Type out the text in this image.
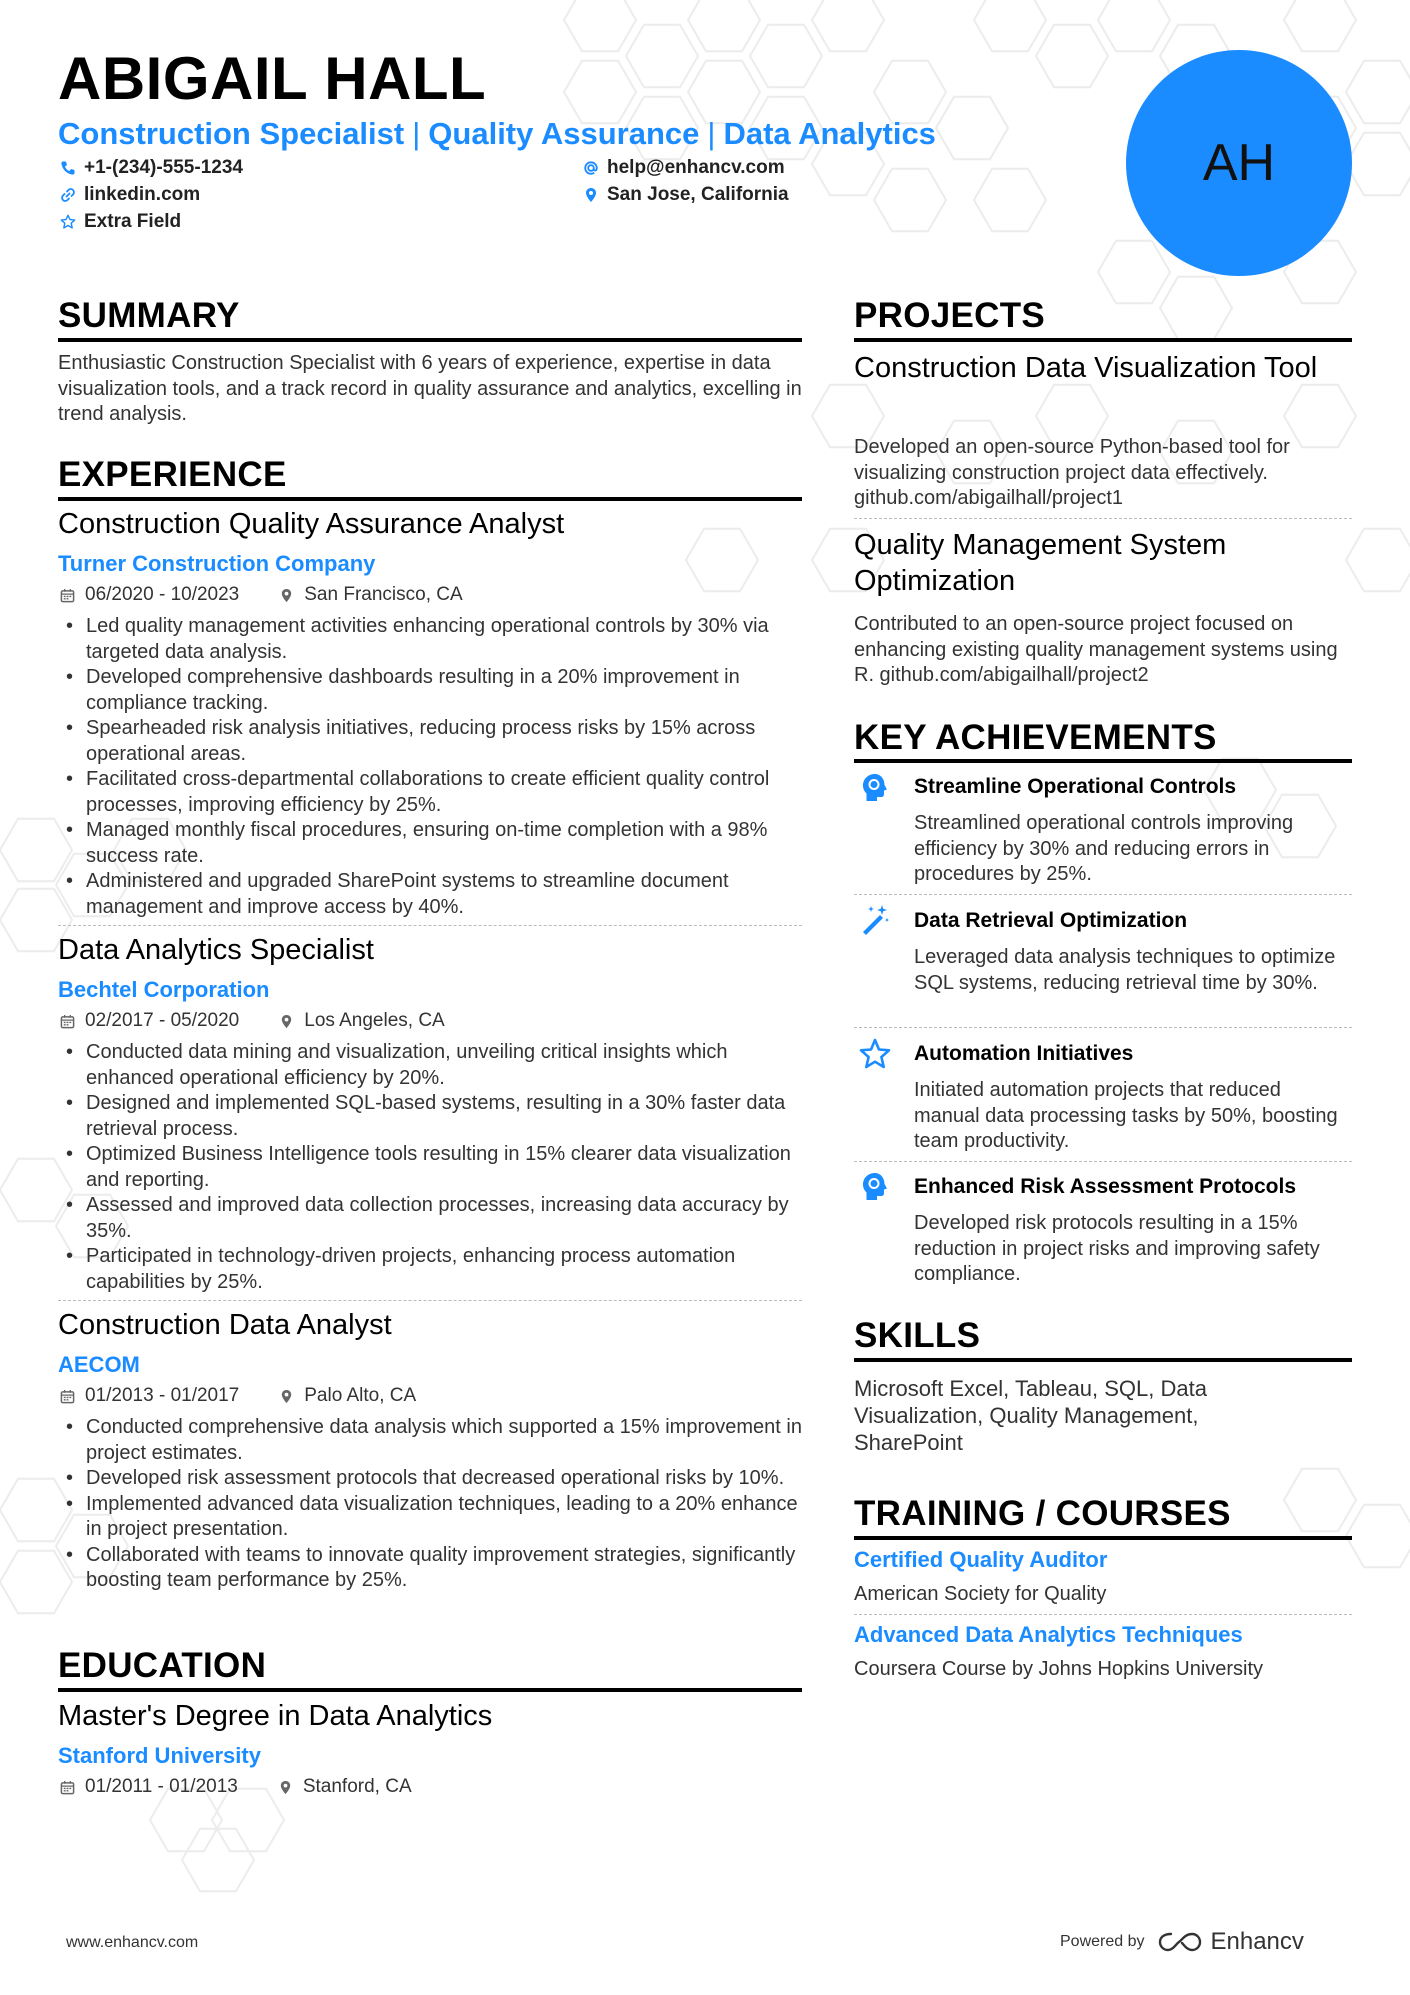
ABIGAIL HALL
Construction Specialist | Quality Assurance | Data Analytics
+1-(234)-555-1234	help@enhancv.com
linkedin.com	San Jose, California
Extra Field
AH
SUMMARY
Enthusiastic Construction Specialist with 6 years of experience, expertise in data visualization tools, and a track record in quality assurance and analytics, excelling in trend analysis.
EXPERIENCE
Construction Quality Assurance Analyst
Turner Construction Company
06/2020 - 10/2023	San Francisco, CA
• Led quality management activities enhancing operational controls by 30% via targeted data analysis.
• Developed comprehensive dashboards resulting in a 20% improvement in compliance tracking.
• Spearheaded risk analysis initiatives, reducing process risks by 15% across operational areas.
• Facilitated cross-departmental collaborations to create efficient quality control processes, improving efficiency by 25%.
• Managed monthly fiscal procedures, ensuring on-time completion with a 98% success rate.
• Administered and upgraded SharePoint systems to streamline document management and improve access by 40%.
Data Analytics Specialist
Bechtel Corporation
02/2017 - 05/2020	Los Angeles, CA
• Conducted data mining and visualization, unveiling critical insights which enhanced operational efficiency by 20%.
• Designed and implemented SQL-based systems, resulting in a 30% faster data retrieval process.
• Optimized Business Intelligence tools resulting in 15% clearer data visualization and reporting.
• Assessed and improved data collection processes, increasing data accuracy by 35%.
• Participated in technology-driven projects, enhancing process automation capabilities by 25%.
Construction Data Analyst
AECOM
01/2013 - 01/2017	Palo Alto, CA
• Conducted comprehensive data analysis which supported a 15% improvement in project estimates.
• Developed risk assessment protocols that decreased operational risks by 10%.
• Implemented advanced data visualization techniques, leading to a 20% enhance in project presentation.
• Collaborated with teams to innovate quality improvement strategies, significantly boosting team performance by 25%.
EDUCATION
Master's Degree in Data Analytics
Stanford University
01/2011 - 01/2013	Stanford, CA
PROJECTS
Construction Data Visualization Tool
Developed an open-source Python-based tool for visualizing construction project data effectively. github.com/abigailhall/project1
Quality Management System Optimization
Contributed to an open-source project focused on enhancing existing quality management systems using R. github.com/abigailhall/project2
KEY ACHIEVEMENTS
Streamline Operational Controls
Streamlined operational controls improving efficiency by 30% and reducing errors in procedures by 25%.
Data Retrieval Optimization
Leveraged data analysis techniques to optimize SQL systems, reducing retrieval time by 30%.
Automation Initiatives
Initiated automation projects that reduced manual data processing tasks by 50%, boosting team productivity.
Enhanced Risk Assessment Protocols
Developed risk protocols resulting in a 15% reduction in project risks and improving safety compliance.
SKILLS
Microsoft Excel, Tableau, SQL, Data Visualization, Quality Management, SharePoint
TRAINING / COURSES
Certified Quality Auditor
American Society for Quality
Advanced Data Analytics Techniques
Coursera Course by Johns Hopkins University
www.enhancv.com	Powered by	Enhancv
